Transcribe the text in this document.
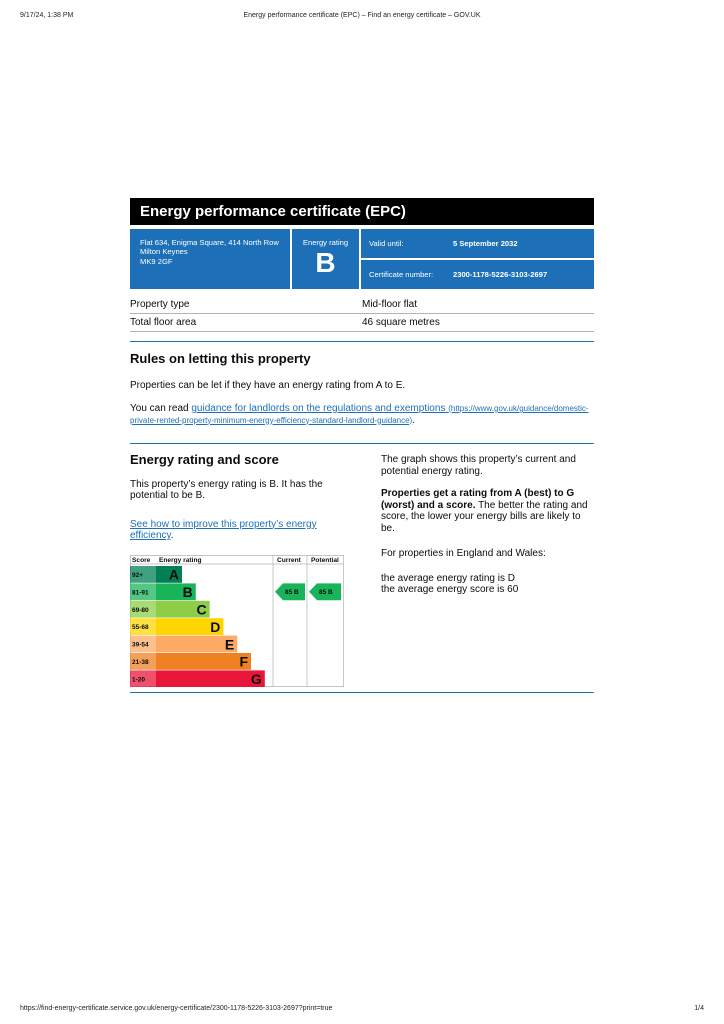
9/17/24, 1:38 PM	Energy performance certificate (EPC) – Find an energy certificate – GOV.UK
Energy performance certificate (EPC)
Flat 634, Enigma Square, 414 North Row
Milton Keynes
MK9 2GF
Energy rating
B
Valid until:	5 September 2032
Certificate number:	2300-1178-5226-3103-2697
Property type	Mid-floor flat
Total floor area	46 square metres
Rules on letting this property

Properties can be let if they have an energy rating from A to E.

You can read guidance for landlords on the regulations and exemptions (https://www.gov.uk/guidance/domestic-private-rented-property-minimum-energy-efficiency-standard-landlord-guidance).

Energy rating and score

This property’s energy rating is B. It has the potential to be B.

See how to improve this property’s energy efficiency.

The graph shows this property’s current and potential energy rating.

Properties get a rating from A (best) to G (worst) and a score. The better the rating and score, the lower your energy bills are likely to be.

For properties in England and Wales:

the average energy rating is D

the average energy score is 60

Score Energy rating	Current Potential
92+ A
81-91 B
69-80	C
55-68	D
39-54	E
21-38	F
1-20	G
85 B	85 B
https://find-energy-certificate.service.gov.uk/energy-certificate/2300-1178-5226-3103-2697?print=true	1/4
